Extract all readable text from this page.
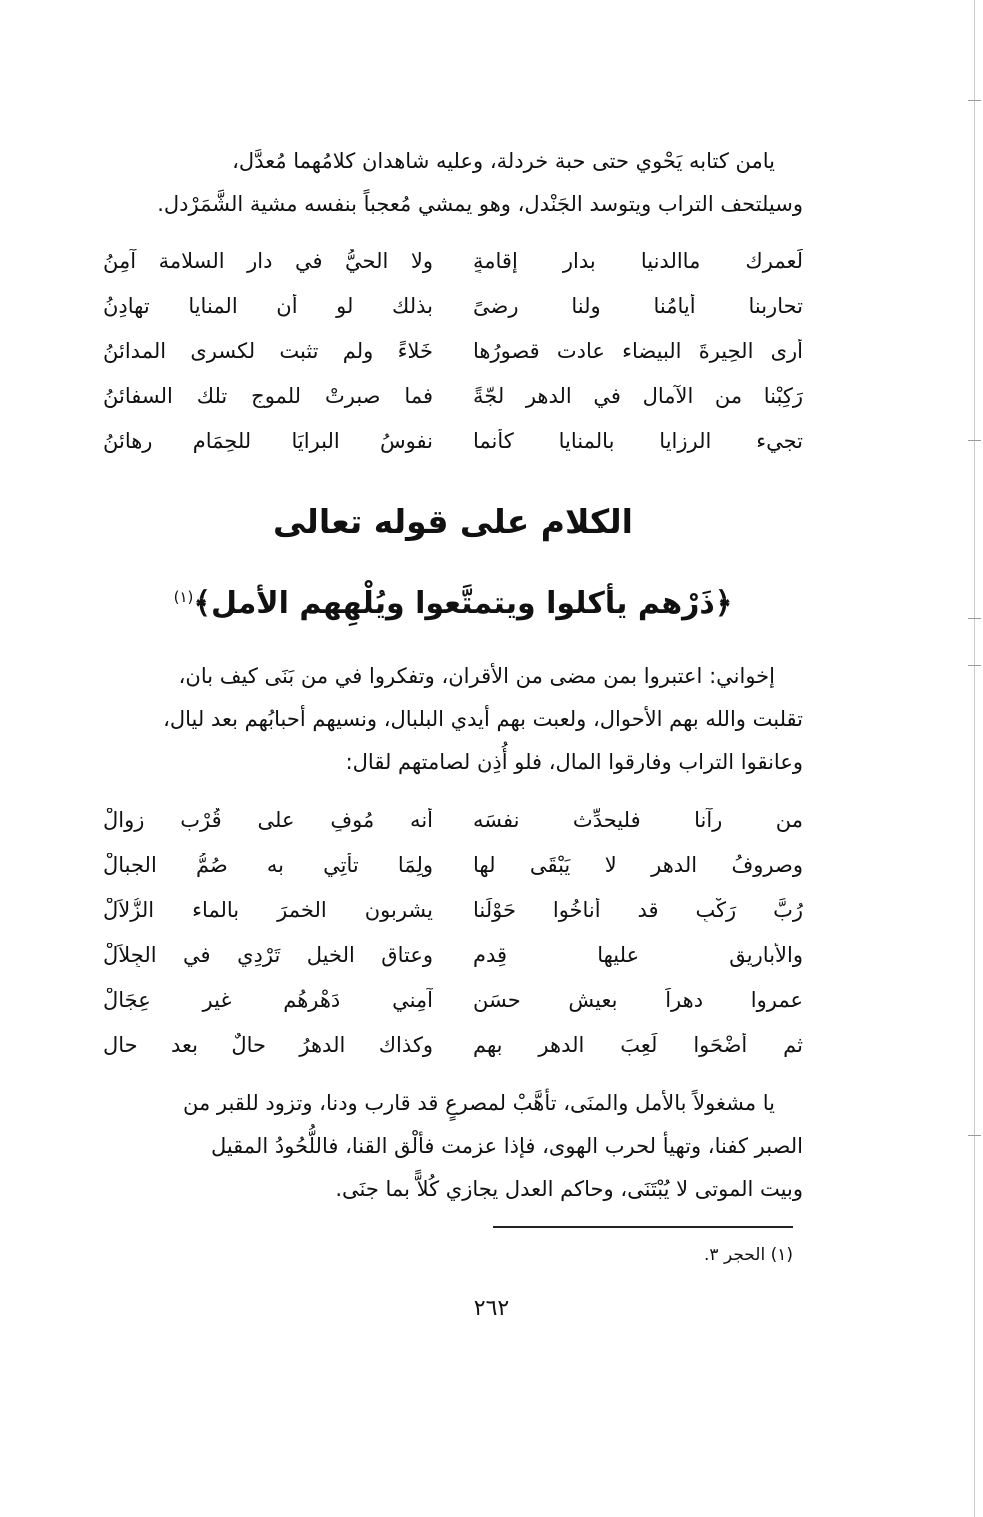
يامن كتابه يَحْوي حتى حبة خردلة، وعليه شاهدان كلامُهما مُعدَّل،
وسيلتحف التراب ويتوسد الجَنْدل، وهو يمشي مُعجباً بنفسه مشية الشَّمَرْدل.
لَعمرك ماالدنيا بدار إقامةٍ
ولا الحيُّ في دار السلامة آمِنُ
تحاربنا أيامُنا ولنا رضىً
بذلك لو أن المنايا تهادِنُ
أرى الحِيرةَ البيضاء عادت قصورُها
خَلاءً ولم تثبت لكسرى المدائنُ
رَكِبْنا من الآمالِ في الدهرِ لجّةً
فما صبرتْ للموجِ تلك السفائنُ
تجيء الرزايا بالمنايا كأنما
نفوسُ البرايَا للحِمَام رهائنُ
الكلام على قوله تعالى
﴿ذَرْهم يأكلوا ويتمتَّعوا ويُلْهِهم الأمل﴾$^{(١)}$
إخواني: اعتبروا بمن مضى من الأقران، وتفكروا في من بَنَى كيف بان،
تقلبت والله بهم الأحوال، ولعبت بهم أيدي البلبال، ونسيهم أحبابُهم بعد ليال،
وعانقوا التراب وفارقوا المال، فلو أُذِن لصامتهم لقال:
من رآنا فليحدِّث نفسَه
أنه مُوفٍ على قُرْب زوالْ
وصروفُ الدهرِ لا يَبْقَى لها
ولِمَا تأتِي به صُمُّ الجبالْ
رُبَّ رَكْبٍ قد أناخُوا حَوْلَنا
يشربون الخمرَ بالماء الزُّلاَلْ
والأباريق عليها قِدم
وعتاق الخيل تَرْدِي في الجِلاَلْ
عمروا دهراً بعيشٍ حسَنٍ
آمِني دَهْرِهُم غير عِجَالْ
ثم أضْحَوا لَعِبَ الدهرِ بهم
وكذاك الدهرُ حالٌ بعد حالِ
يا مشغولاً بالأمل والمنَى، تأهَّبْ لمصرعٍ قد قارب ودنا، وتزود للقبر من
الصبر كفنا، وتهيأ لحرب الهوى، فإذا عزمت فألْق القنا، فاللُّحُودُ المقيل
وبيت الموتى لا يُبْتَنَى، وحاكم العدل يجازي كُلاًّ بما جنَى.
(١) الحجر ٣.
٢٦٢
